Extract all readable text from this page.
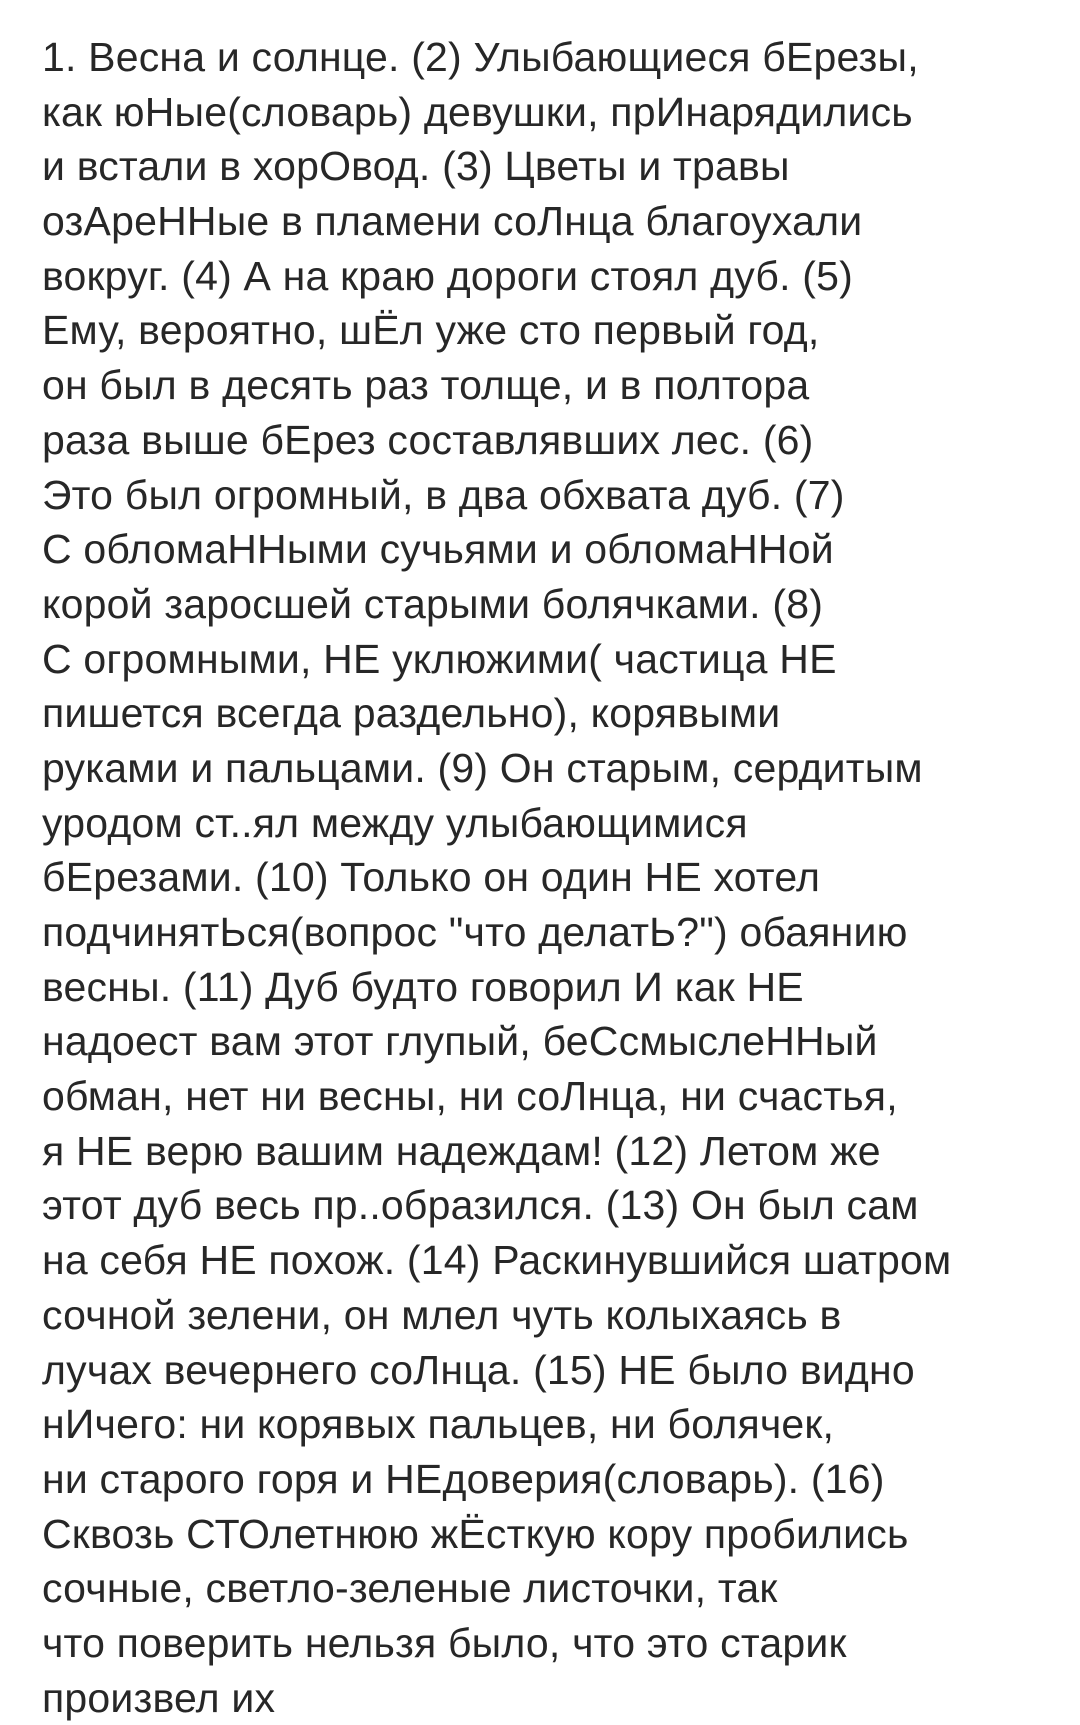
1. Весна и солнце. (2) Улыбающиеся бЕрезы,
как юНые(словарь) девушки, прИнарядились
и встали в хорОвод. (3) Цветы и травы
озАреННые в пламени соЛнца благоухали
вокруг. (4) А на краю дороги стоял дуб. (5)
Ему, вероятно, шЁл уже сто первый год,
он был в десять раз толще, и в полтора
раза выше бЕрез составлявших лес. (6)
Это был огромный, в два обхвата дуб. (7)
С обломаННыми сучьями и обломаННой
корой заросшей старыми болячками. (8)
С огромными, НЕ уклюжими( частица НЕ
пишется всегда раздельно), корявыми
руками и пальцами. (9) Он старым, сердитым
уродом ст..ял между улыбающимися
бЕрезами. (10) Только он один НЕ хотел
подчинятЬся(вопрос "что делатЬ?") обаянию
весны. (11) Дуб будто говорил И как НЕ
надоест вам этот глупый, беСсмыслеННый
обман, нет ни весны, ни соЛнца, ни счастья,
я НЕ верю вашим надеждам! (12) Летом же
этот дуб весь пр..образился. (13) Он был сам
на себя НЕ похож. (14) Раскинувшийся шатром
сочной зелени, он млел чуть колыхаясь в
лучах вечернего соЛнца. (15) НЕ было видно
нИчего: ни корявых пальцев, ни болячек,
ни старого горя и НЕдоверия(словарь). (16)
Сквозь СТОлетнюю жЁсткую кору пробились
сочные, светло-зеленые листочки, так
что поверить нельзя было, что это старик
произвел их
